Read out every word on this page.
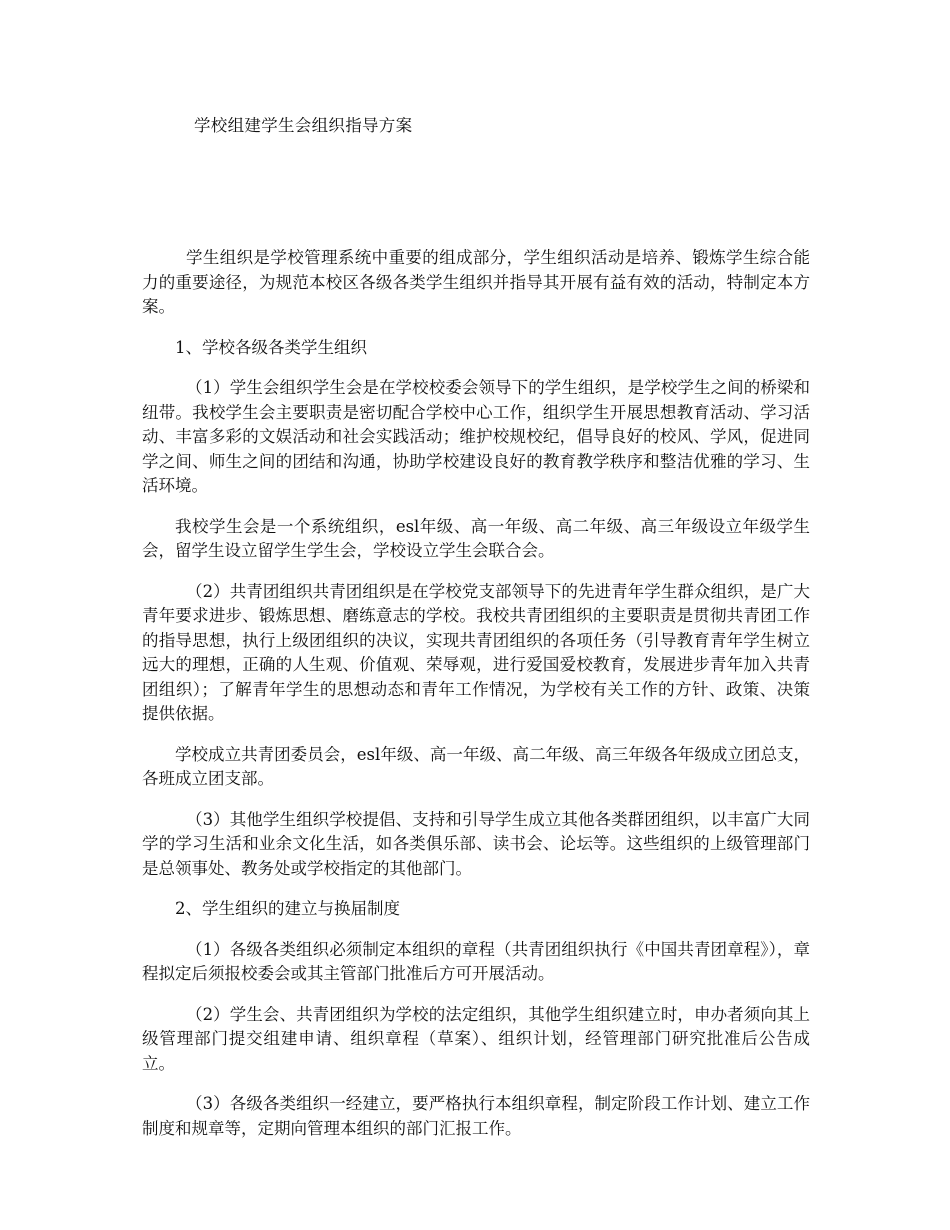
学校组建学生会组织指导方案

学生组织是学校管理系统中重要的组成部分，学生组织活动是培养、锻炼学生综合能力的重要途径，为规范本校区各级各类学生组织并指导其开展有益有效的活动，特制定本方案。

1、学校各级各类学生组织

（1）学生会组织学生会是在学校校委会领导下的学生组织，是学校学生之间的桥梁和纽带。我校学生会主要职责是密切配合学校中心工作，组织学生开展思想教育活动、学习活动、丰富多彩的文娱活动和社会实践活动；维护校规校纪，倡导良好的校风、学风，促进同学之间、师生之间的团结和沟通，协助学校建设良好的教育教学秩序和整洁优雅的学习、生活环境。

我校学生会是一个系统组织，esl年级、高一年级、高二年级、高三年级设立年级学生会，留学生设立留学生学生会，学校设立学生会联合会。

（2）共青团组织共青团组织是在学校党支部领导下的先进青年学生群众组织，是广大青年要求进步、锻炼思想、磨练意志的学校。我校共青团组织的主要职责是贯彻共青团工作的指导思想，执行上级团组织的决议，实现共青团组织的各项任务（引导教育青年学生树立远大的理想，正确的人生观、价值观、荣辱观，进行爱国爱校教育，发展进步青年加入共青团组织）；了解青年学生的思想动态和青年工作情况，为学校有关工作的方针、政策、决策提供依据。

学校成立共青团委员会，esl年级、高一年级、高二年级、高三年级各年级成立团总支，各班成立团支部。

（3）其他学生组织学校提倡、支持和引导学生成立其他各类群团组织，以丰富广大同学的学习生活和业余文化生活，如各类俱乐部、读书会、论坛等。这些组织的上级管理部门是总领事处、教务处或学校指定的其他部门。

2、学生组织的建立与换届制度

（1）各级各类组织必须制定本组织的章程（共青团组织执行《中国共青团章程》），章程拟定后须报校委会或其主管部门批准后方可开展活动。

（2）学生会、共青团组织为学校的法定组织，其他学生组织建立时，申办者须向其上级管理部门提交组建申请、组织章程（草案）、组织计划，经管理部门研究批准后公告成立。

（3）各级各类组织一经建立，要严格执行本组织章程，制定阶段工作计划、建立工作制度和规章等，定期向管理本组织的部门汇报工作。
